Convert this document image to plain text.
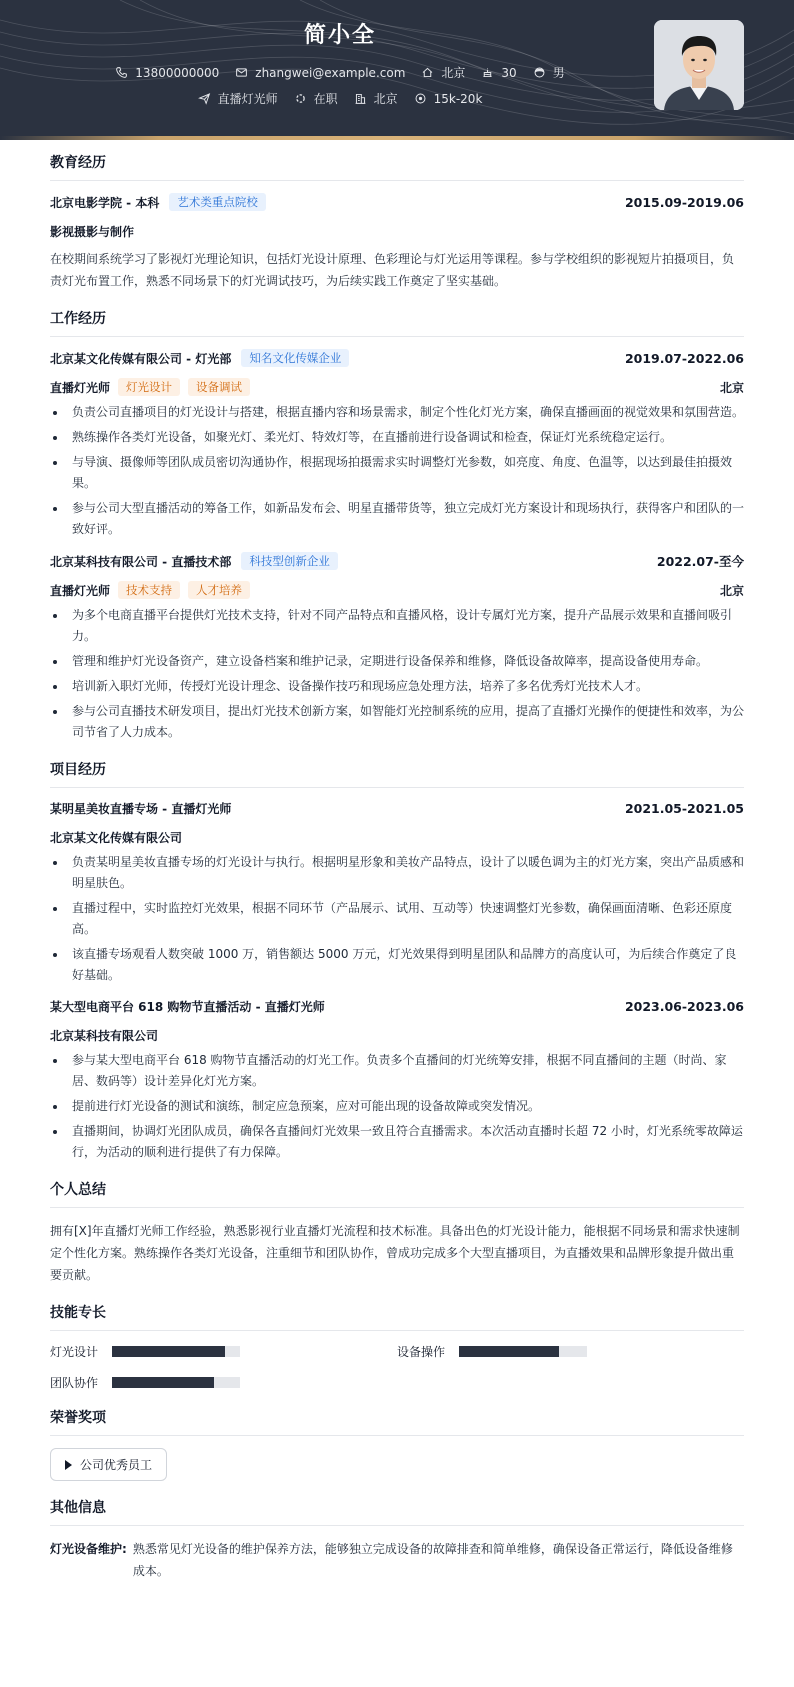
简小全
13800000000	zhangwei@example.com	北京	30	男
直播灯光师	在职	北京	15k-20k
教育经历
北京电影学院 - 本科	艺术类重点院校	2015.09-2019.06
影视摄影与制作
在校期间系统学习了影视灯光理论知识，包括灯光设计原理、色彩理论与灯光运用等课程。参与学校组织的影视短片拍摄项目，负责灯光布置工作，熟悉不同场景下的灯光调试技巧，为后续实践工作奠定了坚实基础。
工作经历
北京某文化传媒有限公司 - 灯光部	知名文化传媒企业	2019.07-2022.06
直播灯光师	灯光设计	设备调试	北京
负责公司直播项目的灯光设计与搭建，根据直播内容和场景需求，制定个性化灯光方案，确保直播画面的视觉效果和氛围营造。
熟练操作各类灯光设备，如聚光灯、柔光灯、特效灯等，在直播前进行设备调试和检查，保证灯光系统稳定运行。
与导演、摄像师等团队成员密切沟通协作，根据现场拍摄需求实时调整灯光参数，如亮度、角度、色温等，以达到最佳拍摄效果。
参与公司大型直播活动的筹备工作，如新品发布会、明星直播带货等，独立完成灯光方案设计和现场执行，获得客户和团队的一致好评。
北京某科技有限公司 - 直播技术部	科技型创新企业	2022.07-至今
直播灯光师	技术支持	人才培养	北京
为多个电商直播平台提供灯光技术支持，针对不同产品特点和直播风格，设计专属灯光方案，提升产品展示效果和直播间吸引力。
管理和维护灯光设备资产，建立设备档案和维护记录，定期进行设备保养和维修，降低设备故障率，提高设备使用寿命。
培训新入职灯光师，传授灯光设计理念、设备操作技巧和现场应急处理方法，培养了多名优秀灯光技术人才。
参与公司直播技术研发项目，提出灯光技术创新方案，如智能灯光控制系统的应用，提高了直播灯光操作的便捷性和效率，为公司节省了人力成本。
项目经历
某明星美妆直播专场 - 直播灯光师	2021.05-2021.05
北京某文化传媒有限公司
负责某明星美妆直播专场的灯光设计与执行。根据明星形象和美妆产品特点，设计了以暖色调为主的灯光方案，突出产品质感和明星肤色。
直播过程中，实时监控灯光效果，根据不同环节（产品展示、试用、互动等）快速调整灯光参数，确保画面清晰、色彩还原度高。
该直播专场观看人数突破 1000 万，销售额达 5000 万元，灯光效果得到明星团队和品牌方的高度认可，为后续合作奠定了良好基础。
某大型电商平台 618 购物节直播活动 - 直播灯光师	2023.06-2023.06
北京某科技有限公司
参与某大型电商平台 618 购物节直播活动的灯光工作。负责多个直播间的灯光统筹安排，根据不同直播间的主题（时尚、家居、数码等）设计差异化灯光方案。
提前进行灯光设备的测试和演练，制定应急预案，应对可能出现的设备故障或突发情况。
直播期间，协调灯光团队成员，确保各直播间灯光效果一致且符合直播需求。本次活动直播时长超 72 小时，灯光系统零故障运行，为活动的顺利进行提供了有力保障。
个人总结
拥有[X]年直播灯光师工作经验，熟悉影视行业直播灯光流程和技术标准。具备出色的灯光设计能力，能根据不同场景和需求快速制定个性化方案。熟练操作各类灯光设备，注重细节和团队协作，曾成功完成多个大型直播项目，为直播效果和品牌形象提升做出重要贡献。
技能专长
灯光设计	设备操作
团队协作
荣誉奖项
公司优秀员工
其他信息
灯光设备维护: 熟悉常见灯光设备的维护保养方法，能够独立完成设备的故障排查和简单维修，确保设备正常运行，降低设备维修成本。
